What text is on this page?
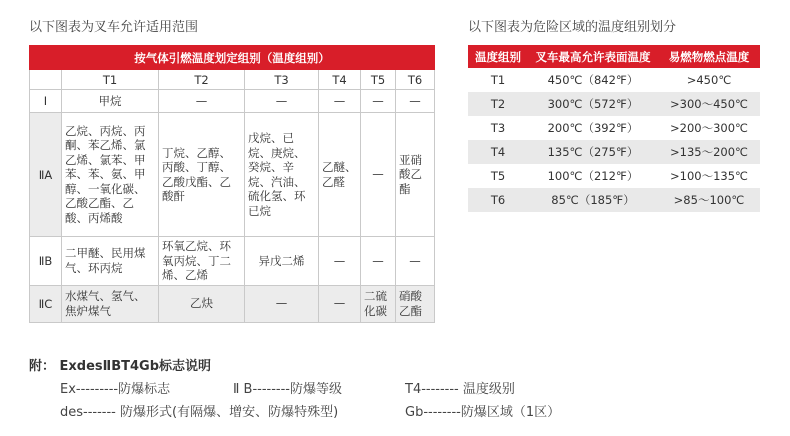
以下图表为叉车允许适用范围	以下图表为危险区域的温度组别划分
按气体引燃温度划定组别（温度组别）						
	T1	T2	T3	T4	T5	T6
Ⅰ	甲烷	—	—	—	—	—
ⅡA	乙烷、丙烷、丙酮、苯乙烯、氯乙烯、氯苯、甲苯、苯、氨、甲醇、一氧化碳、乙酸乙酯、乙酸、丙烯酸	丁烷、乙醇、丙酸、丁醇、乙酸戊酯、乙酸酐	戊烷、已烷、庚烷、癸烷、辛烷、汽油、硫化氢、环已烷	乙醚、乙醛	—	亚硝酸乙酯
ⅡB	二甲醚、民用煤气、环丙烷	环氧乙烷、环氧丙烷、丁二烯、乙烯	异戊二烯	—	—	—
ⅡC	水煤气、氢气、焦炉煤气	乙炔	—	—	二硫化碳	硝酸乙酯
温度组别	叉车最高允许表面温度	易燃物燃点温度
T1	450℃（842℉）	>450℃
T2	300℃（572℉）	>300～450℃
T3	200℃（392℉）	>200～300℃
T4	135℃（275℉）	>135～200℃
T5	100℃（212℉）	>100～135℃
T6	85℃（185℉）	>85～100℃
附： ExdesⅡBT4Gb标志说明
Ex---------防爆标志	Ⅱ B--------防爆等级	T4-------- 温度级别
des------- 防爆形式(有隔爆、增安、防爆特殊型)	Gb--------防爆区域（1区）
